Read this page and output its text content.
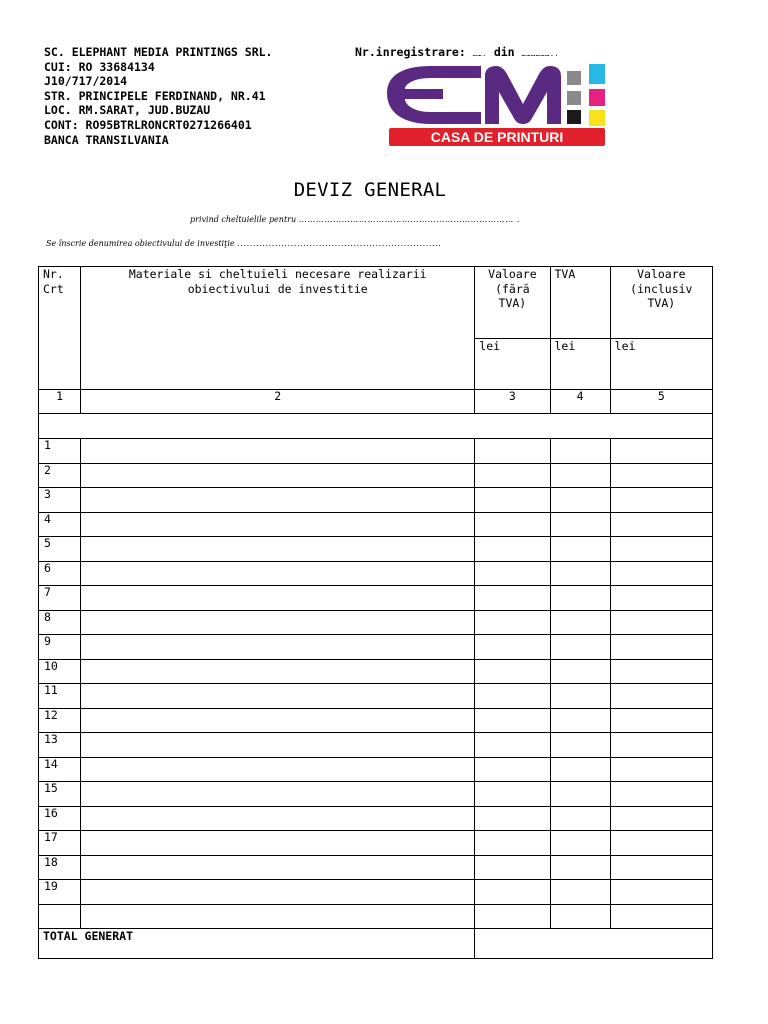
SC. ELEPHANT MEDIA PRINTINGS SRL.
CUI: RO 33684134
J10/717/2014
STR. PRINCIPELE FERDINAND, NR.41
LOC. RM.SARAT, JUD.BUZAU
CONT: RO95BTRLRONCRT0271266401
BANCA TRANSILVANIA
Nr.inregistrare: ……. din ………………..
CASA DE PRINTURI
DEVIZ GENERAL
privind cheltuielile pentru ………………………………………………………………… .
Se înscrie denumirea obiectivului de investiţie .................................................................
Nr. Crt	Materiale si cheltuieli necesare realizarii obiectivului de investitie	Valoare (fără TVA)	TVA	Valoare (inclusiv TVA)
		lei	lei	lei
1	2	3	4	5

1				
2				
3				
4				
5				
6				
7				
8				
9				
10				
11				
12				
13				
14				
15				
16				
17				
18				
19				

TOTAL GENERAT				
